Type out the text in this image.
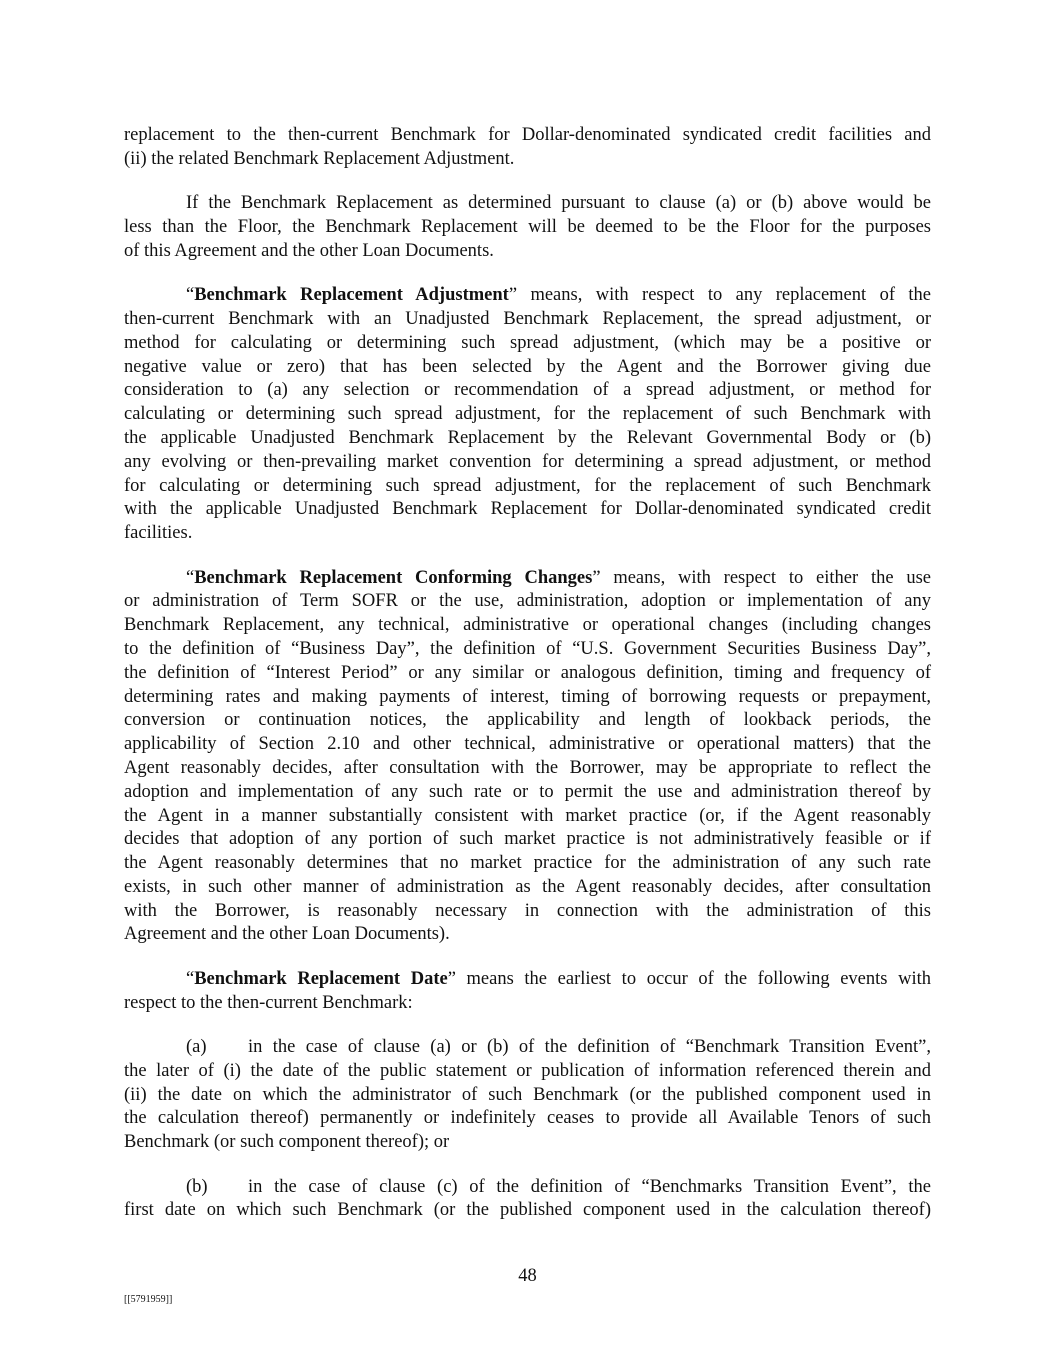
replacement to the then-current Benchmark for Dollar-denominated syndicated credit facilities and
(ii) the related Benchmark Replacement Adjustment.
If the Benchmark Replacement as determined pursuant to clause (a) or (b) above would be
less than the Floor, the Benchmark Replacement will be deemed to be the Floor for the purposes
of this Agreement and the other Loan Documents.
“Benchmark Replacement Adjustment” means, with respect to any replacement of the
then-current Benchmark with an Unadjusted Benchmark Replacement, the spread adjustment, or
method for calculating or determining such spread adjustment, (which may be a positive or
negative value or zero) that has been selected by the Agent and the Borrower giving due
consideration to (a) any selection or recommendation of a spread adjustment, or method for
calculating or determining such spread adjustment, for the replacement of such Benchmark with
the applicable Unadjusted Benchmark Replacement by the Relevant Governmental Body or (b)
any evolving or then-prevailing market convention for determining a spread adjustment, or method
for calculating or determining such spread adjustment, for the replacement of such Benchmark
with the applicable Unadjusted Benchmark Replacement for Dollar-denominated syndicated credit
facilities.
“Benchmark Replacement Conforming Changes” means, with respect to either the use
or administration of Term SOFR or the use, administration, adoption or implementation of any
Benchmark Replacement, any technical, administrative or operational changes (including changes
to the definition of “Business Day”, the definition of “U.S. Government Securities Business Day”,
the definition of “Interest Period” or any similar or analogous definition, timing and frequency of
determining rates and making payments of interest, timing of borrowing requests or prepayment,
conversion or continuation notices, the applicability and length of lookback periods, the
applicability of Section 2.10 and other technical, administrative or operational matters) that the
Agent reasonably decides, after consultation with the Borrower, may be appropriate to reflect the
adoption and implementation of any such rate or to permit the use and administration thereof by
the Agent in a manner substantially consistent with market practice (or, if the Agent reasonably
decides that adoption of any portion of such market practice is not administratively feasible or if
the Agent reasonably determines that no market practice for the administration of any such rate
exists, in such other manner of administration as the Agent reasonably decides, after consultation
with the Borrower, is reasonably necessary in connection with the administration of this
Agreement and the other Loan Documents).
“Benchmark Replacement Date” means the earliest to occur of the following events with
respect to the then-current Benchmark:
(a) in the case of clause (a) or (b) of the definition of “Benchmark Transition Event”,
the later of (i) the date of the public statement or publication of information referenced therein and
(ii) the date on which the administrator of such Benchmark (or the published component used in
the calculation thereof) permanently or indefinitely ceases to provide all Available Tenors of such
Benchmark (or such component thereof); or
(b) in the case of clause (c) of the definition of “Benchmarks Transition Event”, the
first date on which such Benchmark (or the published component used in the calculation thereof)
48
[[5791959]]
